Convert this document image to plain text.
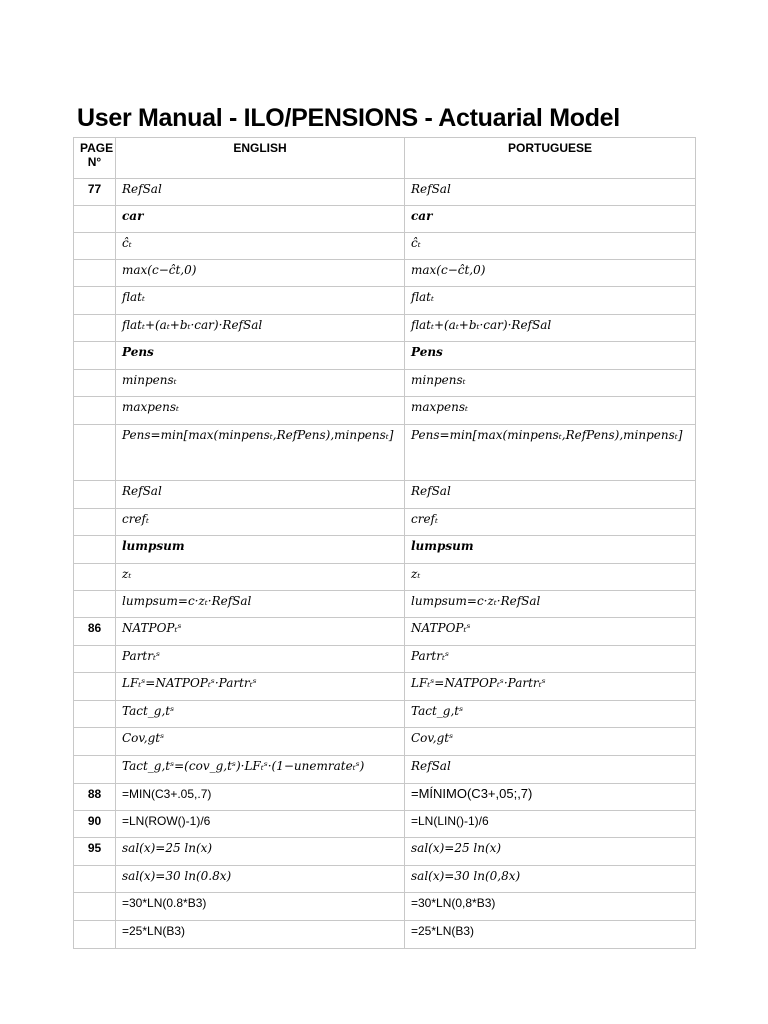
User Manual - ILO/PENSIONS - Actuarial Model
PAGE N°	ENGLISH	PORTUGUESE
77	RefSal	RefSal
	car	car
	ĉₜ	ĉₜ
	max(c−ĉt,0)	max(c−ĉt,0)
	flatₜ	flatₜ
	flatₜ+(aₜ+bₜ·car)·RefSal	flatₜ+(aₜ+bₜ·car)·RefSal
	Pens	Pens
	minpensₜ	minpensₜ
	maxpensₜ	maxpensₜ
	Pens=min[max(minpensₜ,RefPens),minpensₜ]	Pens=min[max(minpensₜ,RefPens),minpensₜ]
	RefSal	RefSal
	crefₜ	crefₜ
	lumpsum	lumpsum
	zₜ	zₜ
	lumpsum=c·zₜ·RefSal	lumpsum=c·zₜ·RefSal
86	NATPOPₜˢ	NATPOPₜˢ
	Partrₜˢ	Partrₜˢ
	LFₜˢ=NATPOPₜˢ·Partrₜˢ	LFₜˢ=NATPOPₜˢ·Partrₜˢ
	Tact_g,tˢ	Tact_g,tˢ
	Cov,gtˢ	Cov,gtˢ
	Tact_g,tˢ=(cov_g,tˢ)·LFₜˢ·(1−unemrateₜˢ)	RefSal
88	=MIN(C3+.05,.7)	=MÍNIMO(C3+,05;,7)
90	=LN(ROW()-1)/6	=LN(LIN()-1)/6
95	sal(x)=25 ln(x)	sal(x)=25 ln(x)
	sal(x)=30 ln(0.8x)	sal(x)=30 ln(0,8x)
	=30*LN(0.8*B3)	=30*LN(0,8*B3)
	=25*LN(B3)	=25*LN(B3)
